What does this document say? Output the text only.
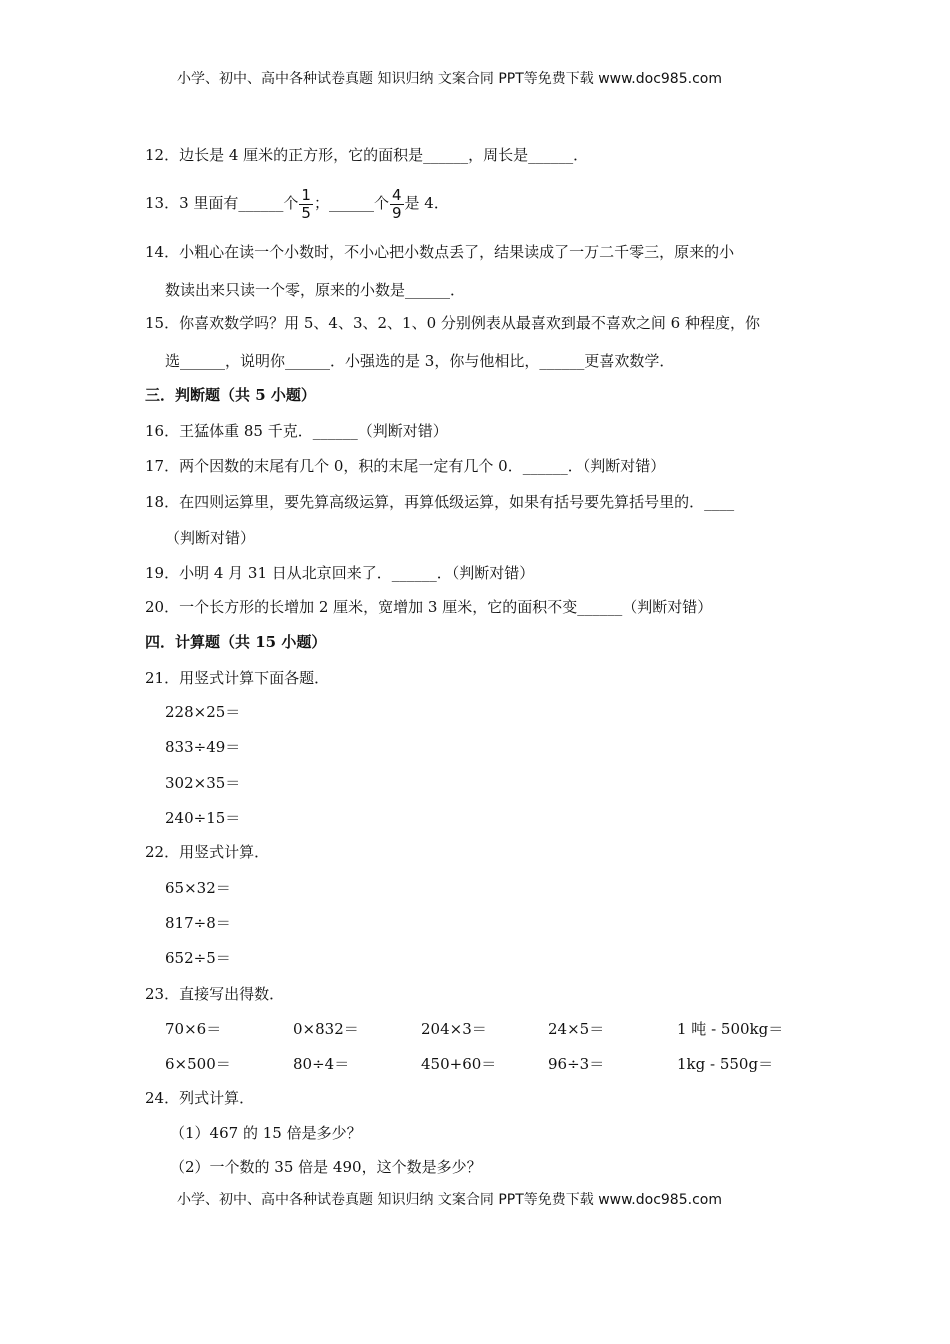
小学、初中、高中各种试卷真题 知识归纳 文案合同 PPT等免费下载 www.doc985.com
12．边长是 4 厘米的正方形，它的面积是______，周长是______．
13．3 里面有______个 $\frac{1}{5}$ ；______个 $\frac{4}{9}$ 是 4．
14．小粗心在读一个小数时，不小心把小数点丢了，结果读成了一万二千零三，原来的小
数读出来只读一个零，原来的小数是______．
15．你喜欢数学吗？用 5、4、3、2、1、0 分别例表从最喜欢到最不喜欢之间 6 种程度，你
选______，说明你______．小强选的是 3，你与他相比，______更喜欢数学．
三．判断题（共 5 小题）
16．王猛体重 85 千克．______（判断对错）
17．两个因数的末尾有几个 0，积的末尾一定有几个 0．______．（判断对错）
18．在四则运算里，要先算高级运算，再算低级运算，如果有括号要先算括号里的．____
（判断对错）
19．小明 4 月 31 日从北京回来了．______．（判断对错）
20．一个长方形的长增加 2 厘米，宽增加 3 厘米，它的面积不变______（判断对错）
四．计算题（共 15 小题）
21．用竖式计算下面各题．
228×25＝
833÷49＝
302×35＝
240÷15＝
22．用竖式计算．
65×32＝
817÷8＝
652÷5＝
23．直接写出得数．
70×6＝	0×832＝	204×3＝	24×5＝	1 吨 - 500kg＝
6×500＝	80÷4＝	450+60＝	96÷3＝	1kg - 550g＝
24．列式计算．
（1）467 的 15 倍是多少？
（2）一个数的 35 倍是 490，这个数是多少？
小学、初中、高中各种试卷真题 知识归纳 文案合同 PPT等免费下载 www.doc985.com
